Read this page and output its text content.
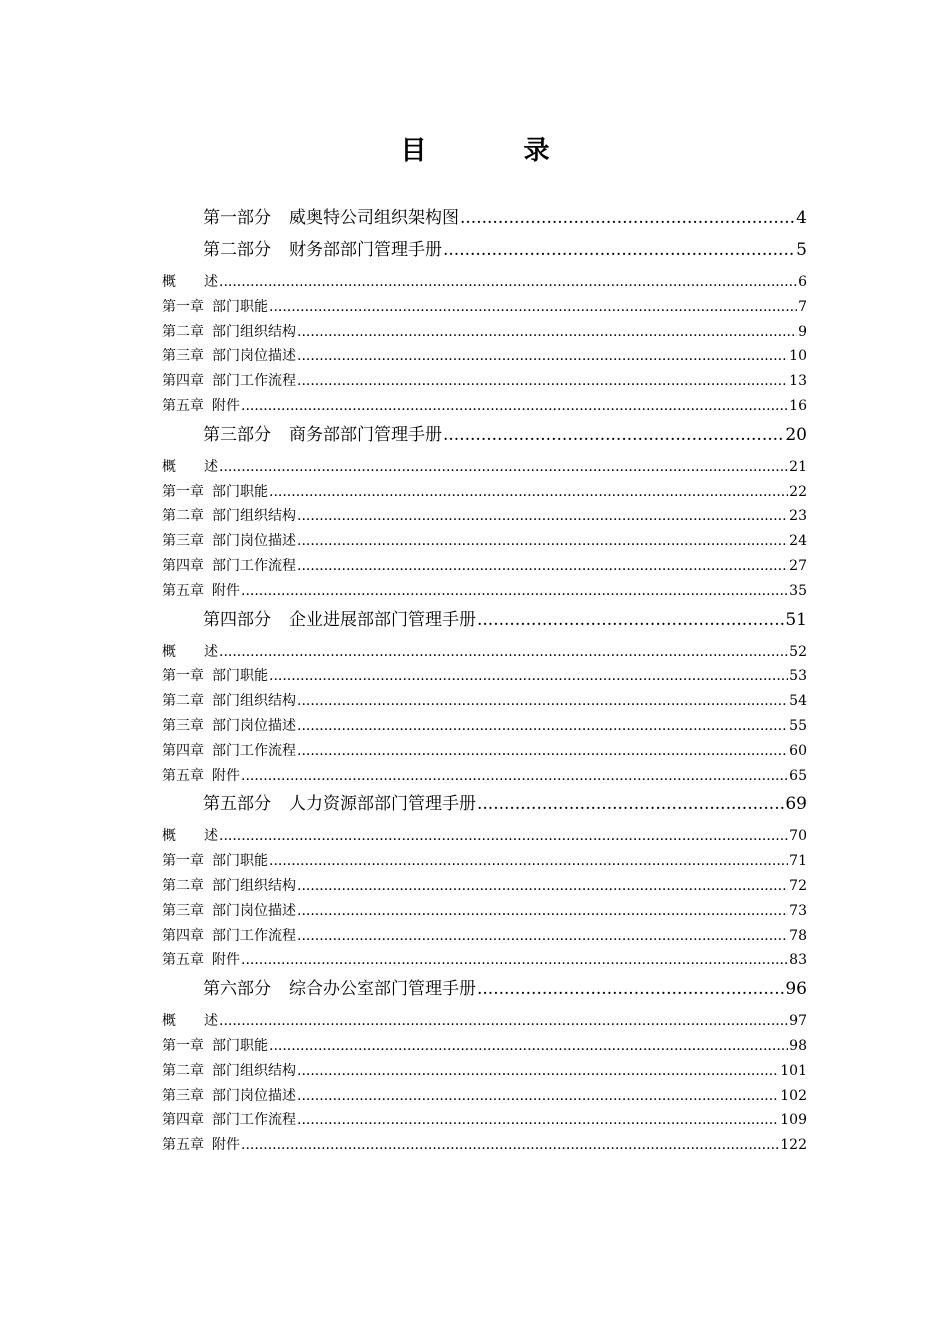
目 录
第一部分 威奥特公司组织架构图 .....	4
第二部分 财务部部门管理手册 .....	5
概 述 .....	6
第一章 部门职能 .....	7
第二章 部门组织结构 .....	9
第三章 部门岗位描述 .....	10
第四章 部门工作流程 .....	13
第五章 附件 .....	16
第三部分 商务部部门管理手册 .....	20
概 述 .....	21
第一章 部门职能 .....	22
第二章 部门组织结构 .....	23
第三章 部门岗位描述 .....	24
第四章 部门工作流程 .....	27
第五章 附件 .....	35
第四部分 企业进展部部门管理手册 .....	51
概 述 .....	52
第一章 部门职能 .....	53
第二章 部门组织结构 .....	54
第三章 部门岗位描述 .....	55
第四章 部门工作流程 .....	60
第五章 附件 .....	65
第五部分 人力资源部部门管理手册 .....	69
概 述 .....	70
第一章 部门职能 .....	71
第二章 部门组织结构 .....	72
第三章 部门岗位描述 .....	73
第四章 部门工作流程 .....	78
第五章 附件 .....	83
第六部分 综合办公室部门管理手册 .....	96
概 述 .....	97
第一章 部门职能 .....	98
第二章 部门组织结构 .....	101
第三章 部门岗位描述 .....	102
第四章 部门工作流程 .....	109
第五章 附件 .....	122
